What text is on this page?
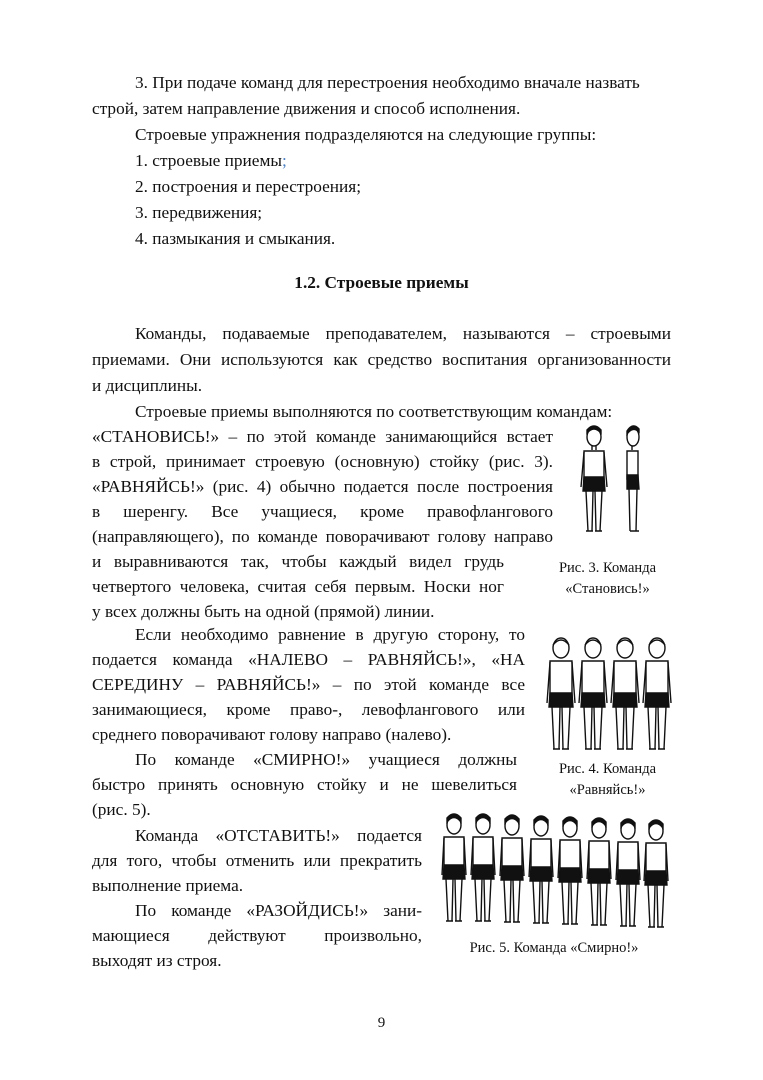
3. При подаче команд для перестроения необходимо вначале назвать
строй, затем направление движения и способ исполнения.
Строевые упражнения подразделяются на следующие группы:
1. строевые приемы;
2. построения и перестроения;
3. передвижения;
4. пазмыкания и смыкания.
1.2. Строевые приемы
Команды, подаваемые преподавателем, называются – строевыми
приемами. Они используются как средство воспитания организованности
и дисциплины.
Строевые приемы выполняются по соответствующим командам:
«СТАНОВИСЬ!» – по этой команде занимающийся встает
в строй, принимает строевую (основную) стойку (рис. 3).
«РАВНЯЙСЬ!» (рис. 4) обычно подается после построения
в шеренгу. Все учащиеся, кроме правофлангового
(направляющего), по команде поворачивают голову направо
и выравниваются так, чтобы каждый видел грудь
четвертого человека, считая себя первым. Носки ног
у всех должны быть на одной (прямой) линии.
Если необходимо равнение в другую сторону, то
подается команда «НАЛЕВО – РАВНЯЙСЬ!», «НА
СЕРЕДИНУ – РАВНЯЙСЬ!» – по этой команде все
занимающиеся, кроме право-, левофлангового или
среднего поворачивают голову направо (налево).
По команде «СМИРНО!» учащиеся должны
быстро принять основную стойку и не шевелиться
(рис. 5).
Команда «ОТСТАВИТЬ!» подается
для того, чтобы отменить или прекратить
выполнение приема.
По команде «РАЗОЙДИСЬ!» зани-
мающиеся действуют произвольно,
выходят из строя.
Рис. 3. Команда
«Становись!»
Рис. 4. Команда
«Равняйсь!»
Рис. 5. Команда «Смирно!»
9
